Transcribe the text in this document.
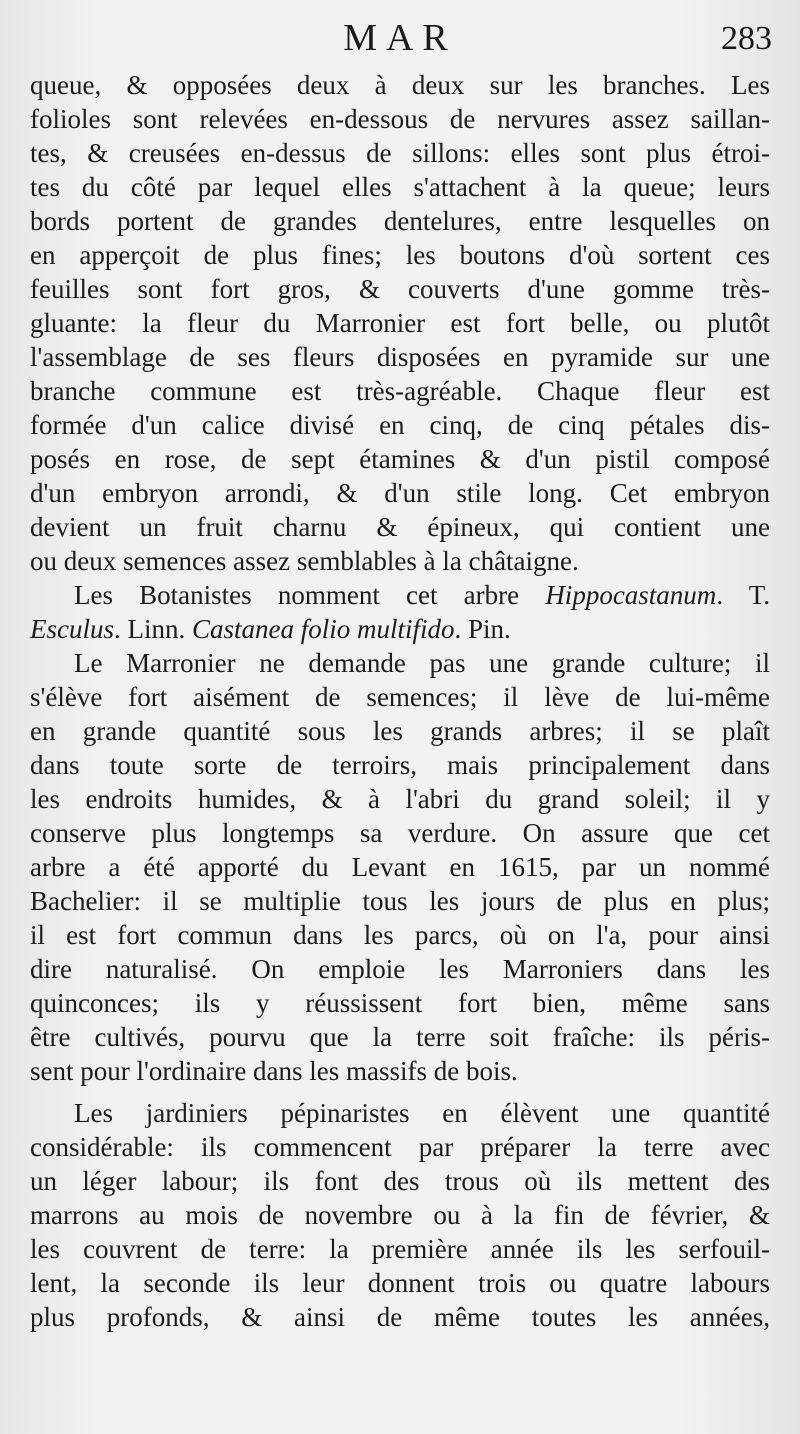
MAR	283
queue, & opposées deux à deux sur les branches. Les
folioles sont relevées en-dessous de nervures assez saillan-
tes, & creusées en-dessus de sillons: elles sont plus étroi-
tes du côté par lequel elles s'attachent à la queue; leurs
bords portent de grandes dentelures, entre lesquelles on
en apperçoit de plus fines; les boutons d'où sortent ces
feuilles sont fort gros, & couverts d'une gomme très-
gluante: la fleur du Marronier est fort belle, ou plutôt
l'assemblage de ses fleurs disposées en pyramide sur une
branche commune est très-agréable. Chaque fleur est
formée d'un calice divisé en cinq, de cinq pétales dis-
posés en rose, de sept étamines & d'un pistil composé
d'un embryon arrondi, & d'un stile long. Cet embryon
devient un fruit charnu & épineux, qui contient une
ou deux semences assez semblables à la châtaigne.
Les Botanistes nomment cet arbre Hippocastanum. T.
Esculus. Linn. Castanea folio multifido. Pin.
Le Marronier ne demande pas une grande culture; il
s'élève fort aisément de semences; il lève de lui-même
en grande quantité sous les grands arbres; il se plaît
dans toute sorte de terroirs, mais principalement dans
les endroits humides, & à l'abri du grand soleil; il y
conserve plus longtemps sa verdure. On assure que cet
arbre a été apporté du Levant en 1615, par un nommé
Bachelier: il se multiplie tous les jours de plus en plus;
il est fort commun dans les parcs, où on l'a, pour ainsi
dire naturalisé. On emploie les Marroniers dans les
quinconces; ils y réussissent fort bien, même sans
être cultivés, pourvu que la terre soit fraîche: ils péris-
sent pour l'ordinaire dans les massifs de bois.
Les jardiniers pépinaristes en élèvent une quantité
considérable: ils commencent par préparer la terre avec
un léger labour; ils font des trous où ils mettent des
marrons au mois de novembre ou à la fin de février, &
les couvrent de terre: la première année ils les serfouil-
lent, la seconde ils leur donnent trois ou quatre labours
plus profonds, & ainsi de même toutes les années,
